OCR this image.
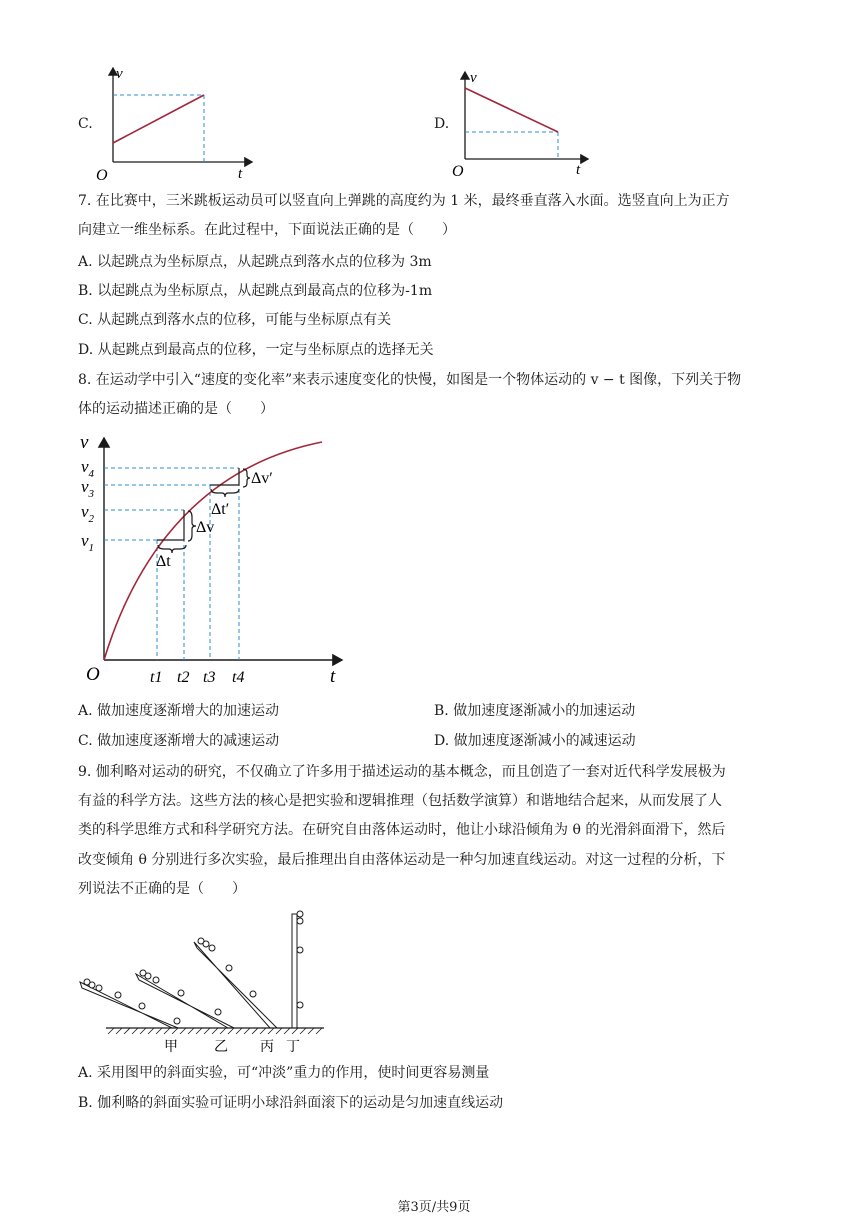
C.
v
t
O
D.
v
t
O
7. 在比赛中，三米跳板运动员可以竖直向上弹跳的高度约为 1 米，最终垂直落入水面。选竖直向上为正方
向建立一维坐标系。在此过程中，下面说法正确的是（　　）
A. 以起跳点为坐标原点，从起跳点到落水点的位移为 3m
B. 以起跳点为坐标原点，从起跳点到最高点的位移为-1m
C. 从起跳点到落水点的位移，可能与坐标原点有关
D. 从起跳点到最高点的位移，一定与坐标原点的选择无关
8. 在运动学中引入“速度的变化率”来表示速度变化的快慢，如图是一个物体运动的 v − t 图像，下列关于物
体的运动描述正确的是（　　）
v
t
O
$v_4$
$v_3$
$v_2$
$v_1$
t1 t2 t3 t4
Δt
Δv
Δt′
Δv′
A. 做加速度逐渐增大的加速运动	B. 做加速度逐渐减小的加速运动
C. 做加速度逐渐增大的减速运动	D. 做加速度逐渐减小的减速运动
9. 伽利略对运动的研究，不仅确立了许多用于描述运动的基本概念，而且创造了一套对近代科学发展极为
有益的科学方法。这些方法的核心是把实验和逻辑推理（包括数学演算）和谐地结合起来，从而发展了人
类的科学思维方式和科学研究方法。在研究自由落体运动时，他让小球沿倾角为 θ 的光滑斜面滑下，然后
改变倾角 θ 分别进行多次实验，最后推理出自由落体运动是一种匀加速直线运动。对这一过程的分析，下
列说法不正确的是（　　）
甲	乙 丙 丁
A. 采用图甲的斜面实验，可“冲淡”重力的作用，使时间更容易测量
B. 伽利略的斜面实验可证明小球沿斜面滚下的运动是匀加速直线运动
第3页/共9页
